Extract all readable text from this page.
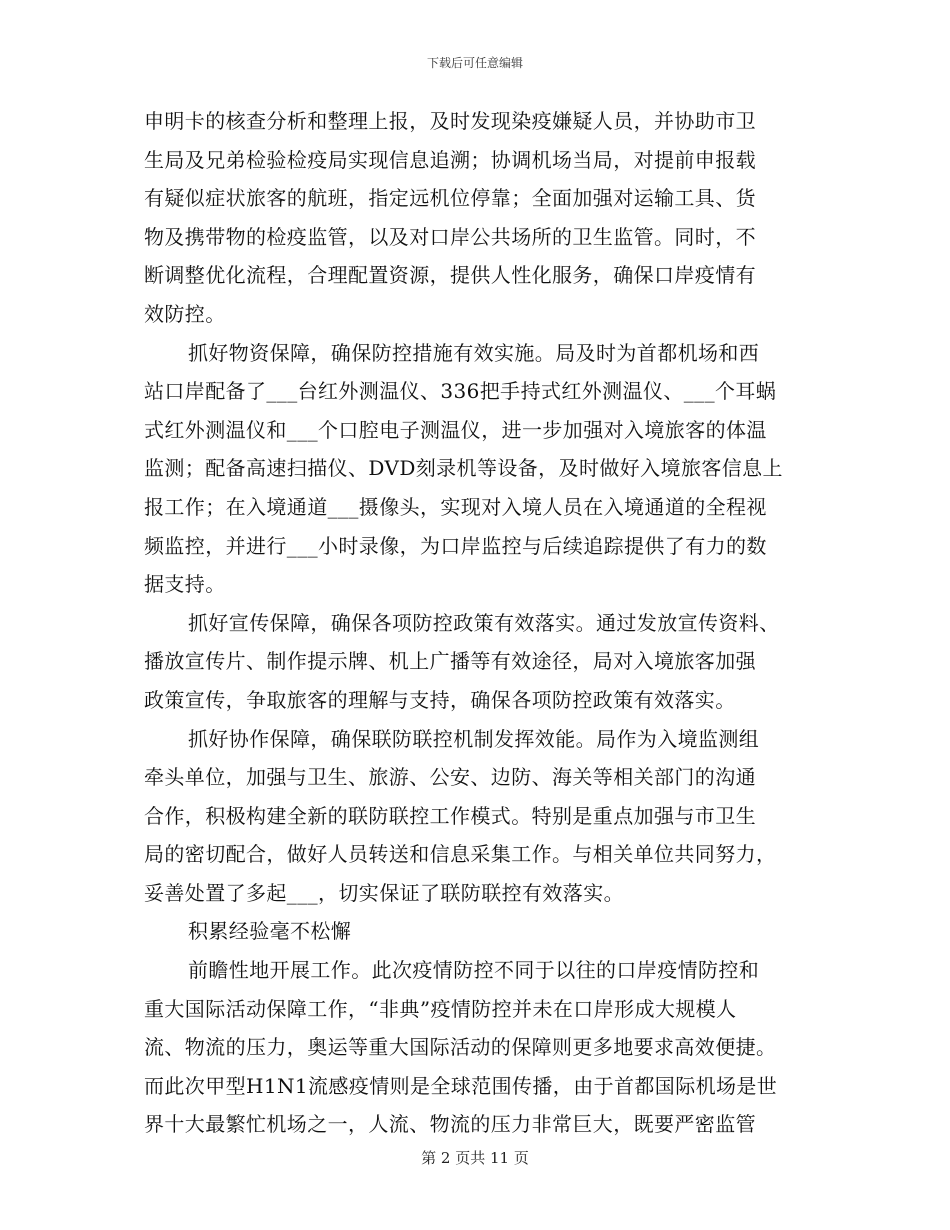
下载后可任意编辑
申明卡的核查分析和整理上报，及时发现染疫嫌疑人员，并协助市卫
生局及兄弟检验检疫局实现信息追溯；协调机场当局，对提前申报载
有疑似症状旅客的航班，指定远机位停靠；全面加强对运输工具、货
物及携带物的检疫监管，以及对口岸公共场所的卫生监管。同时，不
断调整优化流程，合理配置资源，提供人性化服务，确保口岸疫情有
效防控。
抓好物资保障，确保防控措施有效实施。局及时为首都机场和西
站口岸配备了___台红外测温仪、336把手持式红外测温仪、___个耳蜗
式红外测温仪和___个口腔电子测温仪，进一步加强对入境旅客的体温
监测；配备高速扫描仪、DVD刻录机等设备，及时做好入境旅客信息上
报工作；在入境通道___摄像头，实现对入境人员在入境通道的全程视
频监控，并进行___小时录像，为口岸监控与后续追踪提供了有力的数
据支持。
抓好宣传保障，确保各项防控政策有效落实。通过发放宣传资料、
播放宣传片、制作提示牌、机上广播等有效途径，局对入境旅客加强
政策宣传，争取旅客的理解与支持，确保各项防控政策有效落实。
抓好协作保障，确保联防联控机制发挥效能。局作为入境监测组
牵头单位，加强与卫生、旅游、公安、边防、海关等相关部门的沟通
合作，积极构建全新的联防联控工作模式。特别是重点加强与市卫生
局的密切配合，做好人员转送和信息采集工作。与相关单位共同努力，
妥善处置了多起___，切实保证了联防联控有效落实。
积累经验毫不松懈
前瞻性地开展工作。此次疫情防控不同于以往的口岸疫情防控和
重大国际活动保障工作，“非典”疫情防控并未在口岸形成大规模人
流、物流的压力，奥运等重大国际活动的保障则更多地要求高效便捷。
而此次甲型H1N1流感疫情则是全球范围传播，由于首都国际机场是世
界十大最繁忙机场之一，人流、物流的压力非常巨大，既要严密监管
第 2 页共 11 页
